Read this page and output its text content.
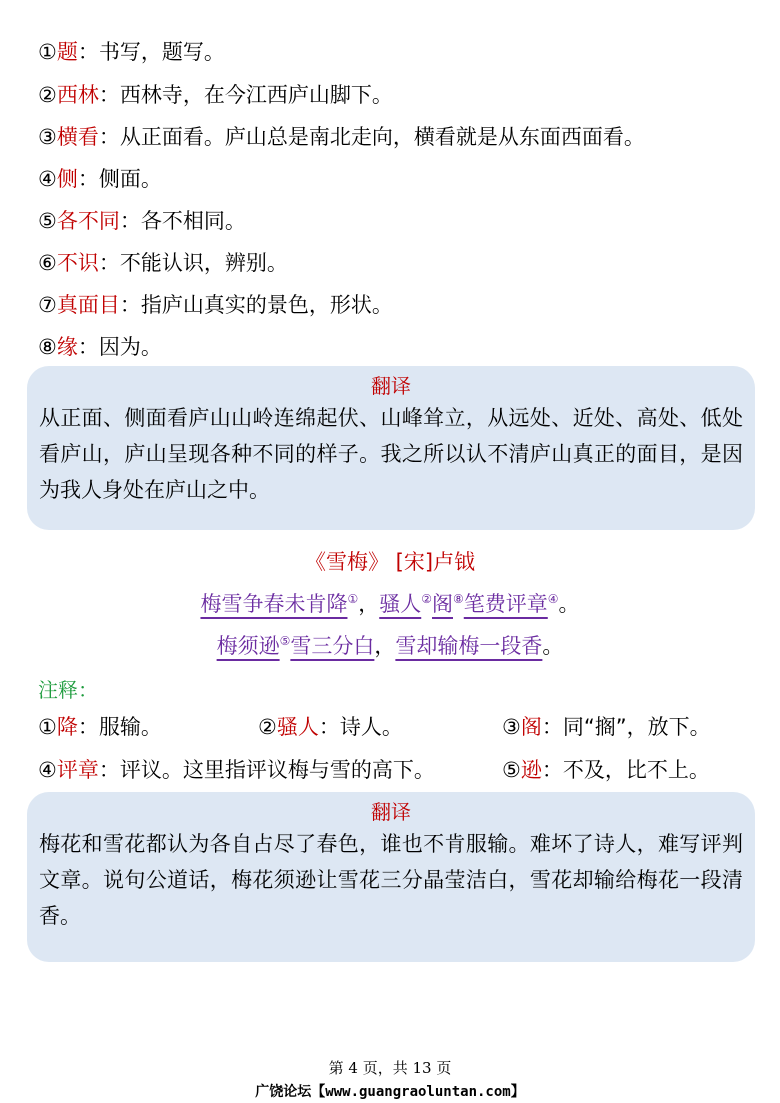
①题：书写，题写。
②西林：西林寺，在今江西庐山脚下。
③横看：从正面看。庐山总是南北走向，横看就是从东面西面看。
④侧：侧面。
⑤各不同：各不相同。
⑥不识：不能认识，辨别。
⑦真面目：指庐山真实的景色，形状。
⑧缘：因为。
翻译
从正面、侧面看庐山山岭连绵起伏、山峰耸立，从远处、近处、高处、低处看庐山，庐山呈现各种不同的样子。我之所以认不清庐山真正的面目，是因为我人身处在庐山之中。
《雪梅》 [宋]卢钺
梅雪争春未肯降①，骚人②阁⑧笔费评章④。
梅须逊⑤雪三分白，雪却输梅一段香。
注释：
①降：服输。	②骚人：诗人。	③阁：同“搁”，放下。
④评章：评议。这里指评议梅与雪的高下。	⑤逊：不及，比不上。
翻译
梅花和雪花都认为各自占尽了春色，谁也不肯服输。难坏了诗人，难写评判文章。说句公道话，梅花须逊让雪花三分晶莹洁白，雪花却输给梅花一段清香。
第 4 页，共 13 页
广饶论坛【www.guangraoluntan.com】
